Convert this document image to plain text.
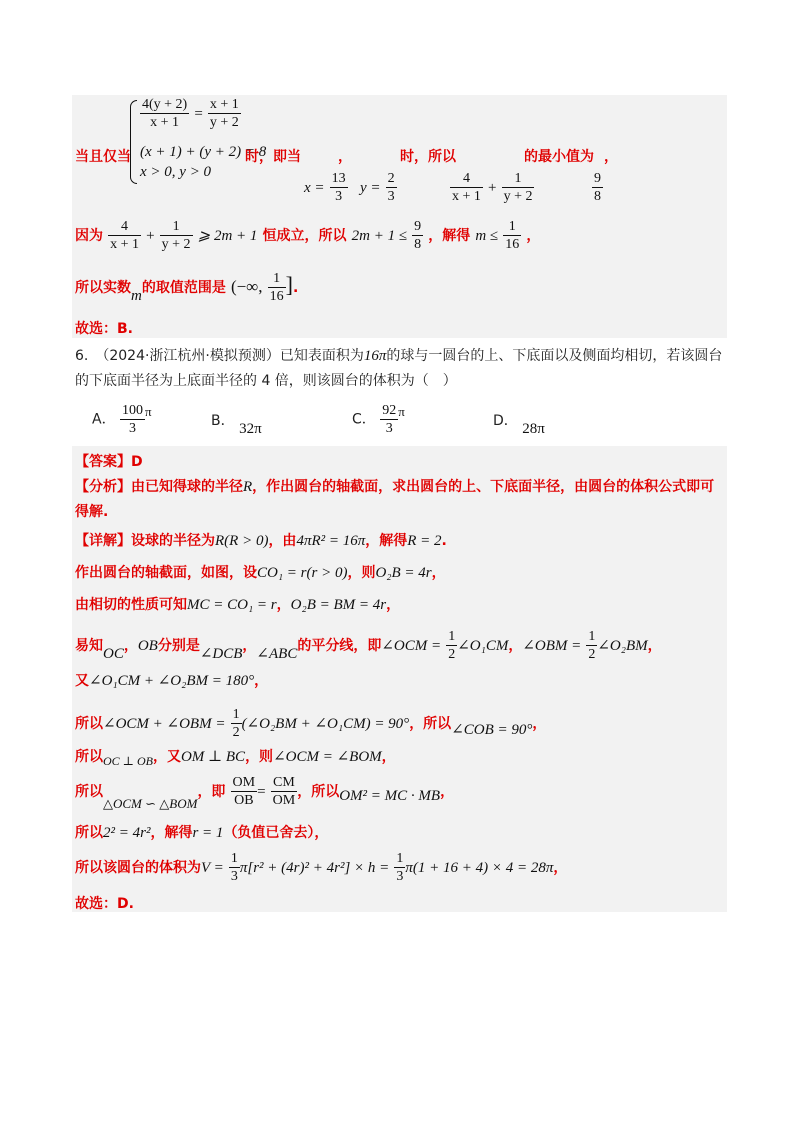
$\frac{4(y + 2)}{x + 1} = \frac{x + 1}{y + 2}$
(x + 1) + (y + 2) = 8
x > 0, y > 0
当且仅当	时，即当	，	时，所以	的最小值为 ，
$x = \frac{13}{3}$ $y = \frac{2}{3}$	$\frac{4}{x + 1} + \frac{1}{y + 2}$	$\frac{9}{8}$
因为 $\frac{4}{x + 1} + \frac{1}{y + 2}$ ⩾ 2m + 1 恒成立，所以 $2m + 1 \le \frac{9}{8}$ ，解得 $m \le \frac{1}{16}$ ，
所以实数m的取值范围是 (−∞, $\frac{1}{16}$ ].
故选：B.
6.　（2024·浙江杭州·模拟预测）已知表面积为16π的球与一圆台的上、下底面以及侧面均相切，若该圆台
的下底面半径为上底面半径的 4 倍，则该圆台的体积为（　）
A． $\frac{100}{3}$ π
B． 32π
C． $\frac{92}{3}$ π
D． 28π
【答案】D
【分析】由已知得球的半径R，作出圆台的轴截面，求出圆台的上、下底面半径，由圆台的体积公式即可
得解.
【详解】设球的半径为R(R > 0)，由4πR² = 16π，解得R = 2.
作出圆台的轴截面，如图，设CO₁ = r(r > 0)，则O₂B = 4r，
由相切的性质可知MC = CO₁ = r，O₂B = BM = 4r，
易知OC，OB分别是∠DCB，∠ABC的平分线，即∠OCM = $\frac{1}{2}$ ∠O₁CM，∠OBM = $\frac{1}{2}$ ∠O₂BM，
又∠O₁CM + ∠O₂BM = 180°，
所以∠OCM + ∠OBM = $\frac{1}{2}$ (∠O₂BM + ∠O₁CM) = 90°，所以∠COB = 90°，
所以$_{OC \perp OB}$，又OM ⊥ BC，则∠OCM = ∠BOM，
所以$_{\triangle OCM ∽ \triangle BOM}$，即 $\frac{OM}{OB} = \frac{CM}{OM}$ ，所以OM² = MC · MB，
所以2² = 4r²，解得r = 1（负值已舍去），
所以该圆台的体积为$V = \frac{1}{3} \pi[r^2 + (4r)^2 + 4r^2] \times h = \frac{1}{3} \pi(1 + 16 + 4) \times 4 = 28\pi$，
故选：D.
